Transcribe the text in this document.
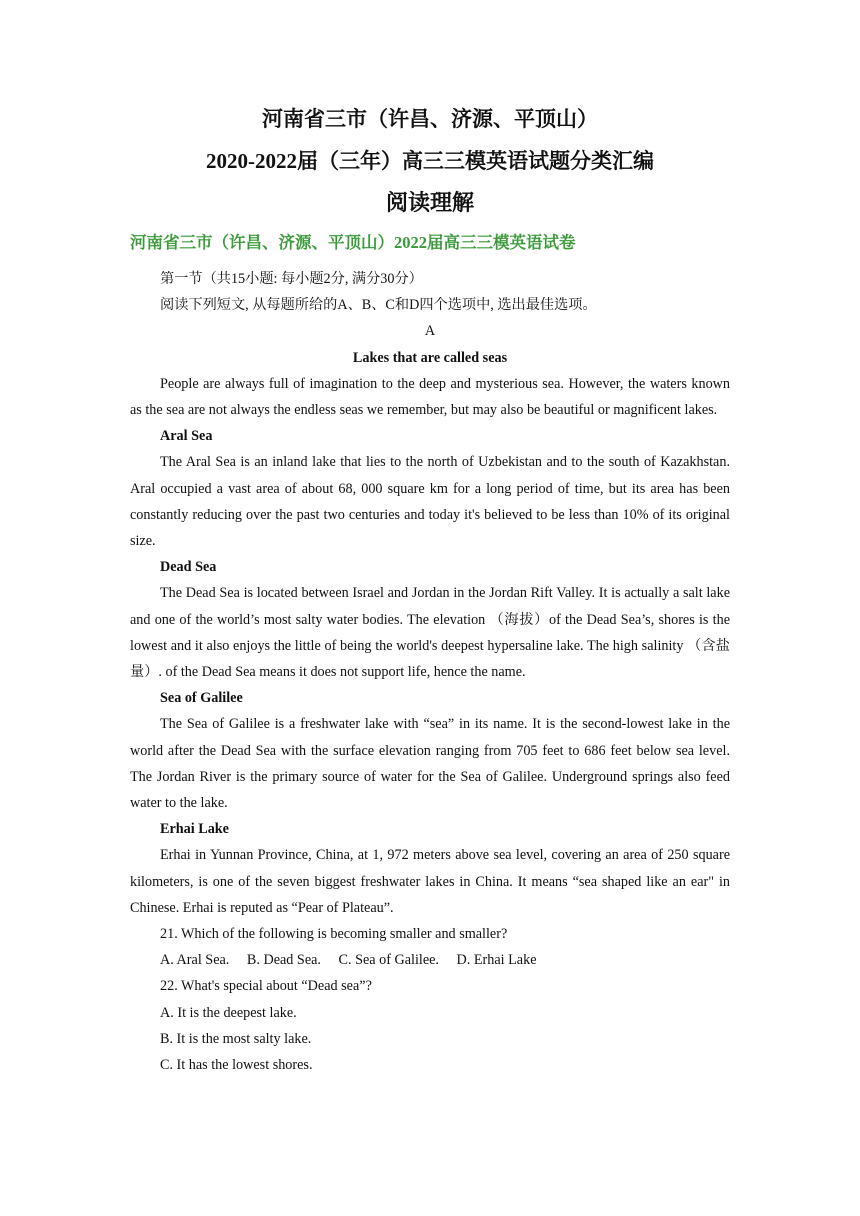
河南省三市（许昌、济源、平顶山）
2020-2022届（三年）高三三模英语试题分类汇编
阅读理解
河南省三市（许昌、济源、平顶山）2022届高三三模英语试卷

第一节（共15小题: 每小题2分, 满分30分）

阅读下列短文, 从每题所给的A、B、C和D四个选项中, 选出最佳选项。

A

Lakes that are called seas

People are always full of imagination to the deep and mysterious sea. However, the waters known as the sea are not always the endless seas we remember, but may also be beautiful or magnificent lakes.

Aral Sea

The Aral Sea is an inland lake that lies to the north of Uzbekistan and to the south of Kazakhstan. Aral occupied a vast area of about 68, 000 square km for a long period of time, but its area has been constantly reducing over the past two centuries and today it's believed to be less than 10% of its original size.

Dead Sea

The Dead Sea is located between Israel and Jordan in the Jordan Rift Valley. It is actually a salt lake and one of the world’s most salty water bodies. The elevation （海拔）of the Dead Sea’s, shores is the lowest and it also enjoys the little of being the world's deepest hypersaline lake. The high salinity （含盐量）. of the Dead Sea means it does not support life, hence the name.

Sea of Galilee

The Sea of Galilee is a freshwater lake with “sea” in its name. It is the second-lowest lake in the world after the Dead Sea with the surface elevation ranging from 705 feet to 686 feet below sea level. The Jordan River is the primary source of water for the Sea of Galilee. Underground springs also feed water to the lake.

Erhai Lake

Erhai in Yunnan Province, China, at 1, 972 meters above sea level, covering an area of 250 square kilometers, is one of the seven biggest freshwater lakes in China. It means “sea shaped like an ear" in Chinese. Erhai is reputed as “Pear of Plateau”.

21. Which of the following is becoming smaller and smaller?

A. Aral Sea. B. Dead Sea. C. Sea of Galilee. D. Erhai Lake

22. What's special about “Dead sea”?

A. It is the deepest lake.

B. It is the most salty lake.

C. It has the lowest shores.
